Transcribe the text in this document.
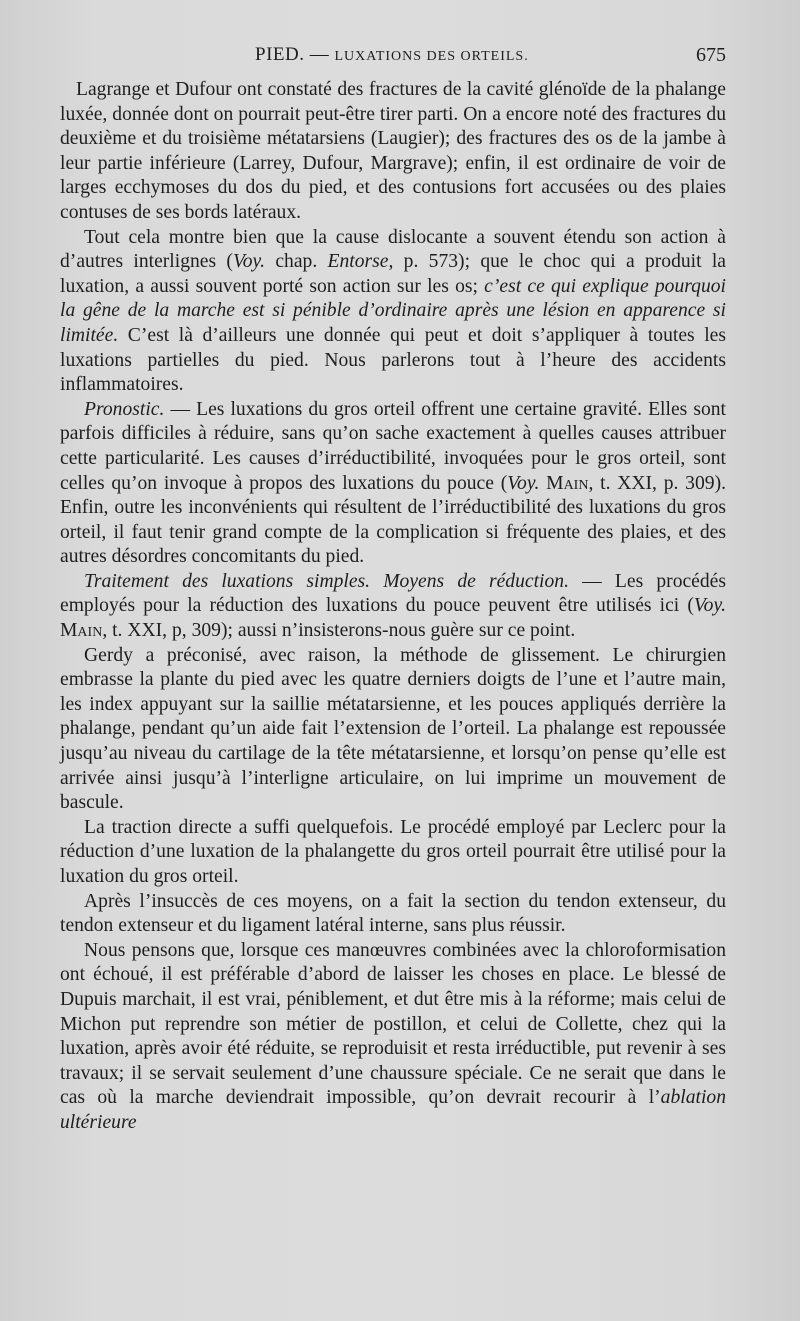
PIED. — LUXATIONS DES ORTEILS.	675

Lagrange et Dufour ont constaté des fractures de la cavité glénoïde de la phalange luxée, donnée dont on pourrait peut-être tirer parti. On a encore noté des fractures du deuxième et du troisième métatarsiens (Laugier); des fractures des os de la jambe à leur partie inférieure (Larrey, Dufour, Margrave); enfin, il est ordinaire de voir de larges ecchymoses du dos du pied, et des contusions fort accusées ou des plaies contuses de ses bords latéraux.

Tout cela montre bien que la cause dislocante a souvent étendu son action à d’autres interlignes (Voy. chap. Entorse, p. 573); que le choc qui a produit la luxation, a aussi souvent porté son action sur les os; c’est ce qui explique pourquoi la gêne de la marche est si pénible d’ordinaire après une lésion en apparence si limitée. C’est là d’ailleurs une donnée qui peut et doit s’appliquer à toutes les luxations partielles du pied. Nous parlerons tout à l’heure des accidents inflammatoires.

Pronostic. — Les luxations du gros orteil offrent une certaine gravité. Elles sont parfois difficiles à réduire, sans qu’on sache exactement à quelles causes attribuer cette particularité. Les causes d’irréductibilité, invoquées pour le gros orteil, sont celles qu’on invoque à propos des luxations du pouce (Voy. Main, t. XXI, p. 309). Enfin, outre les inconvénients qui résultent de l’irréductibilité des luxations du gros orteil, il faut tenir grand compte de la complication si fréquente des plaies, et des autres désordres concomitants du pied.

Traitement des luxations simples. Moyens de réduction. — Les procédés employés pour la réduction des luxations du pouce peuvent être utilisés ici (Voy. Main, t. XXI, p, 309); aussi n’insisterons-nous guère sur ce point.

Gerdy a préconisé, avec raison, la méthode de glissement. Le chirurgien embrasse la plante du pied avec les quatre derniers doigts de l’une et l’autre main, les index appuyant sur la saillie métatarsienne, et les pouces appliqués derrière la phalange, pendant qu’un aide fait l’extension de l’orteil. La phalange est repoussée jusqu’au niveau du cartilage de la tête métatarsienne, et lorsqu’on pense qu’elle est arrivée ainsi jusqu’à l’interligne articulaire, on lui imprime un mouvement de bascule.

La traction directe a suffi quelquefois. Le procédé employé par Leclerc pour la réduction d’une luxation de la phalangette du gros orteil pourrait être utilisé pour la luxation du gros orteil.

Après l’insuccès de ces moyens, on a fait la section du tendon extenseur, du tendon extenseur et du ligament latéral interne, sans plus réussir.

Nous pensons que, lorsque ces manœuvres combinées avec la chloroformisation ont échoué, il est préférable d’abord de laisser les choses en place. Le blessé de Dupuis marchait, il est vrai, péniblement, et dut être mis à la réforme; mais celui de Michon put reprendre son métier de postillon, et celui de Collette, chez qui la luxation, après avoir été réduite, se reproduisit et resta irréductible, put revenir à ses travaux; il se servait seulement d’une chaussure spéciale. Ce ne serait que dans le cas où la marche deviendrait impossible, qu’on devrait recourir à l’ablation ultérieure
